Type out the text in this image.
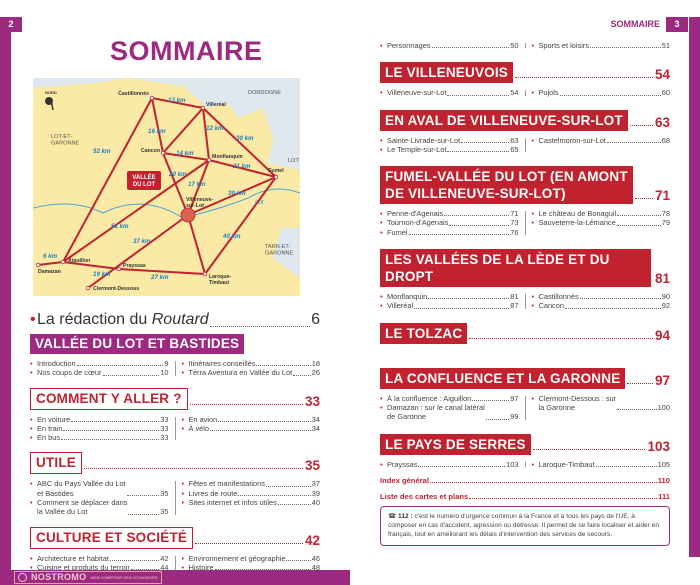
2	3
SOMMAIRE
SOMMAIRE
Castillonnès
Villeréal
Cancon
Monflanquin
Fumel
Villeneuve-
sur-Lot
Aiguillon
Damazan
Prayssas
Laroque-
Timbaut
Clermont-Dessous
VALLÉE
DU LOT
13 km
16 km	12 km
30 km
14 km
21 km
20 km
17 km
30 km
52 km
51 km
37 km
40 km
6 km
19 km	27 km
LOT-ET-
GARONNE
DORDOGNE
LOT
TARN-ET-
GARONNE
Lot
NORD
• La rédaction du Routard	6
VALLÉE DU LOT ET BASTIDES
• Introduction	9
• Nos coups de cœur	10
• Itinéraires conseillés	18
• Tèrra Aventura en Vallée du Lot	26
COMMENT Y ALLER ?	33
• En voiture	33
• En train	33
• En bus	33
• En avion	34
• À vélo	34
UTILE	35
• ABC du Pays Vallée du Lot
et Bastides	35
• Comment se déplacer dans
la Vallée du Lot	35
• Fêtes et manifestations	37
• Livres de route	39
• Sites internet et infos utiles	40
CULTURE ET SOCIÉTÉ	42
• Architecture et habitat	42
• Cuisine et produits du terroir	44
• Environnement et géographie	46
• Histoire	48
• Personnages	50	• Sports et loisirs	51
LE VILLENEUVOIS	54
• Villeneuve-sur-Lot	54	• Pujols	60
EN AVAL DE VILLENEUVE-SUR-LOT	63
• Sainte-Livrade-sur-Lot	63
• Le Temple-sur-Lot	65
• Castelmoron-sur-Lot	68
FUMEL-VALLÉE DU LOT (EN AMONT
DE VILLENEUVE-SUR-LOT)	71
• Penne-d'Agenais	71
• Tournon-d'Agenais	73
• Fumel	76
• Le château de Bonaguil	78
• Sauveterre-la-Lémance	79
LES VALLÉES DE LA LÈDE ET DU DROPT	81
• Monflanquin	81
• Villeréal	87
• Castillonnès	90
• Cancon	92
LE TOLZAC	94
LA CONFLUENCE ET LA GARONNE	97
• À la confluence : Aiguillon	97
• Damazan : sur le canal latéral
de Garonne	99
• Clermont-Dessous : sur
la Garonne	100
LE PAYS DE SERRES	103
• Prayssas	103	• Laroque-Timbaut	105
Index général	110
Liste des cartes et plans	111
☎ 112 : c'est le numéro d'urgence commun à la France et à tous les pays de l'UE, à composer en cas d'accident, agression ou détresse. Il permet de se faire localiser et aider en français, tout en améliorant les délais d'intervention des services de secours.
NOSTROMO WEB COMPTOIR DES VOYAGEURS
